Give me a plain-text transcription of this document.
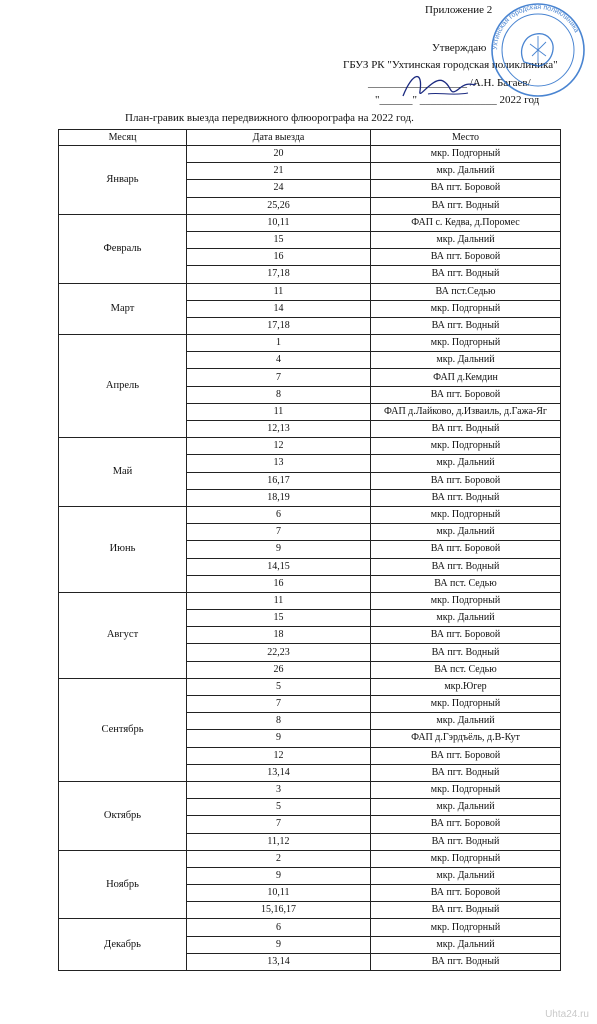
Приложение 2
Утверждаю
ГБУЗ РК "Ухтинская городская поликлиника"
__________________ /А.Н. Багаев/
"______" ______________ 2022 год
Ухтинская городская поликлиника
План-гравик выезда передвижного флюорографа на 2022 год.
Месяц	Дата выезда	Место
Январь	20	мкр. Подгорный
	21	мкр. Дальний
	24	ВА пгт. Боровой
	25,26	ВА пгт. Водный
Февраль	10,11	ФАП с. Кедва, д.Поромес
	15	мкр. Дальний
	16	ВА пгт. Боровой
	17,18	ВА пгт. Водный
Март	11	ВА пст.Седью
	14	мкр. Подгорный
	17,18	ВА пгт. Водный
Апрель	1	мкр. Подгорный
	4	мкр. Дальний
	7	ФАП д.Кемдин
	8	ВА пгт. Боровой
	11	ФАП д.Лайково, д.Изваиль, д.Гажа-Яг
	12,13	ВА пгт. Водный
Май	12	мкр. Подгорный
	13	мкр. Дальний
	16,17	ВА пгт. Боровой
	18,19	ВА пгт. Водный
Июнь	6	мкр. Подгорный
	7	мкр. Дальний
	9	ВА пгт. Боровой
	14,15	ВА пгт. Водный
	16	ВА пст. Седью
Август	11	мкр. Подгорный
	15	мкр. Дальний
	18	ВА пгт. Боровой
	22,23	ВА пгт. Водный
	26	ВА пст. Седью
Сентябрь	5	мкр.Югер
	7	мкр. Подгорный
	8	мкр. Дальний
	9	ФАП д.Гэрдъёль, д.В-Кут
	12	ВА пгт. Боровой
	13,14	ВА пгт. Водный
Октябрь	3	мкр. Подгорный
	5	мкр. Дальний
	7	ВА пгт. Боровой
	11,12	ВА пгт. Водный
Ноябрь	2	мкр. Подгорный
	9	мкр. Дальний
	10,11	ВА пгт. Боровой
	15,16,17	ВА пгт. Водный
Декабрь	6	мкр. Подгорный
	9	мкр. Дальний
	13,14	ВА пгт. Водный
Uhta24.ru
